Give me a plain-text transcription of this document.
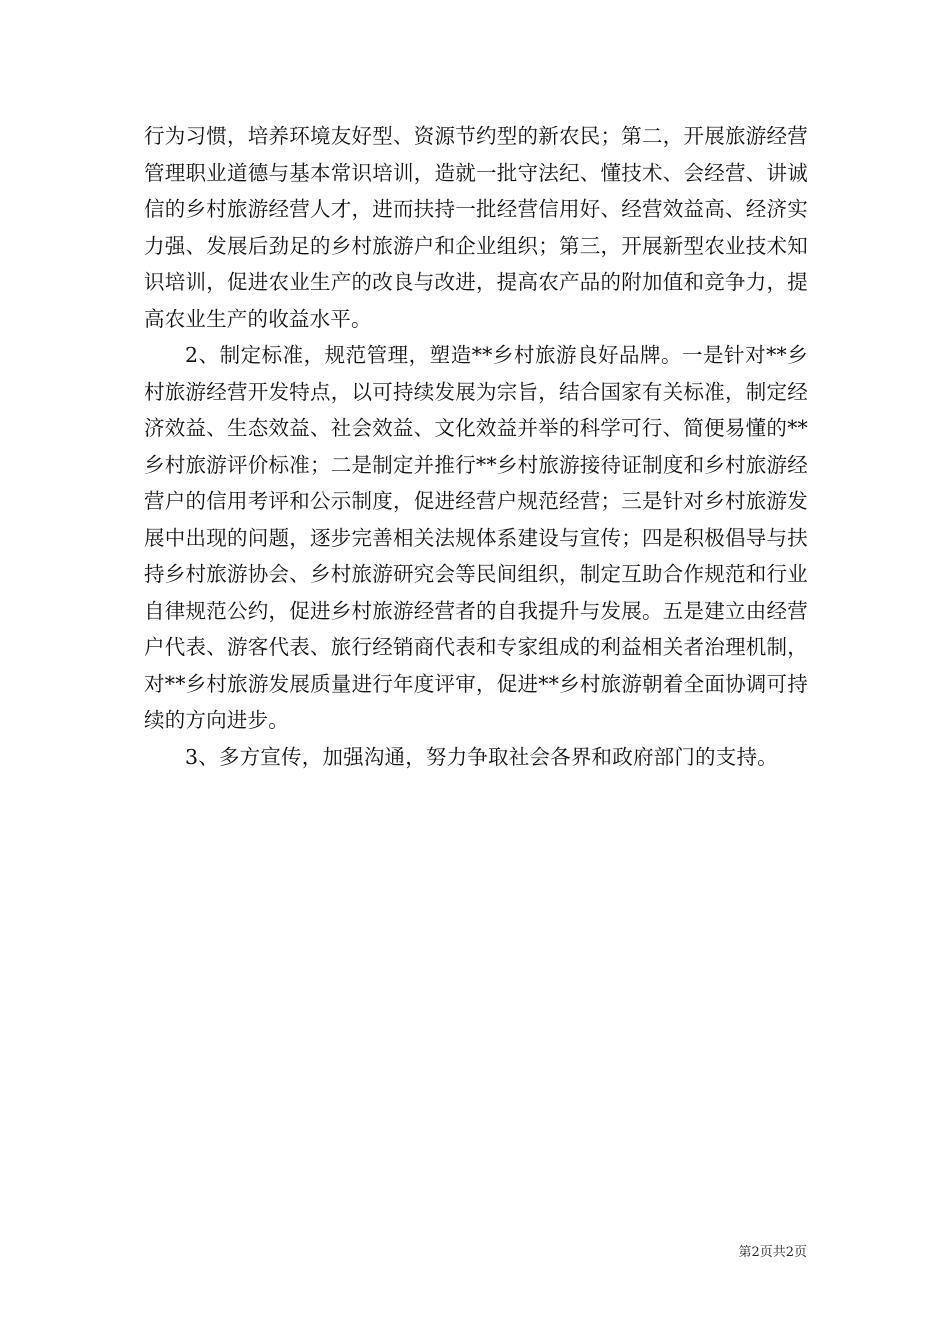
行为习惯，培养环境友好型、资源节约型的新农民；第二，开展旅游经营管理职业道德与基本常识培训，造就一批守法纪、懂技术、会经营、讲诚信的乡村旅游经营人才，进而扶持一批经营信用好、经营效益高、经济实力强、发展后劲足的乡村旅游户和企业组织；第三，开展新型农业技术知识培训，促进农业生产的改良与改进，提高农产品的附加值和竞争力，提高农业生产的收益水平。

2、制定标准，规范管理，塑造**乡村旅游良好品牌。一是针对**乡村旅游经营开发特点，以可持续发展为宗旨，结合国家有关标准，制定经济效益、生态效益、社会效益、文化效益并举的科学可行、简便易懂的**乡村旅游评价标准；二是制定并推行**乡村旅游接待证制度和乡村旅游经营户的信用考评和公示制度，促进经营户规范经营；三是针对乡村旅游发展中出现的问题，逐步完善相关法规体系建设与宣传；四是积极倡导与扶持乡村旅游协会、乡村旅游研究会等民间组织，制定互助合作规范和行业自律规范公约，促进乡村旅游经营者的自我提升与发展。五是建立由经营户代表、游客代表、旅行经销商代表和专家组成的利益相关者治理机制，对**乡村旅游发展质量进行年度评审，促进**乡村旅游朝着全面协调可持续的方向进步。

3、多方宣传，加强沟通，努力争取社会各界和政府部门的支持。

第2页共2页
